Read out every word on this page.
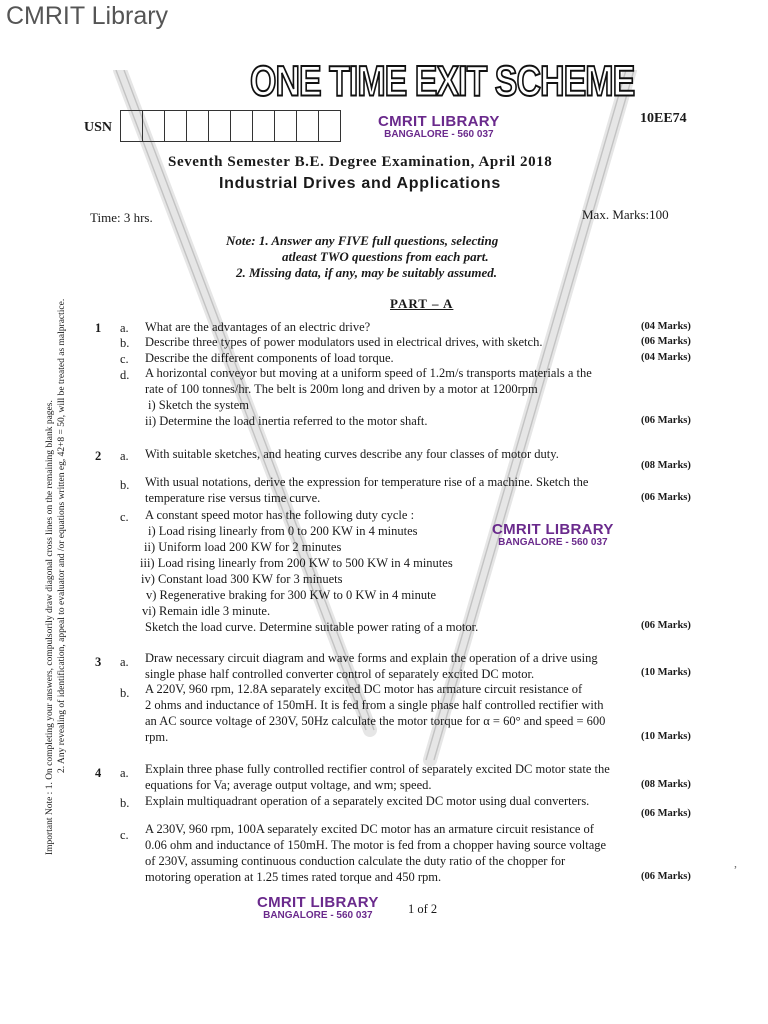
CMRIT Library
ONE TIME EXIT SCHEME
USN	CMRIT LIBRARY
BANGALORE - 560 037
10EE74
Seventh Semester B.E. Degree Examination, April 2018
Industrial Drives and Applications
Time: 3 hrs.	Max. Marks:100
Note: 1. Answer any FIVE full questions, selecting
atleast TWO questions from each part.
2. Missing data, if any, may be suitably assumed.
PART – A
Important Note : 1. On completing your answers, compulsorily draw diagonal cross lines on the remaining blank pages. 2. Any revealing of identification, appeal to evaluator and /or equations written eg, 42+8 = 50, will be treated as malpractice. 1 a. What are the advantages of an electric drive?	(04 Marks)
b. Describe three types of power modulators used in electrical drives, with sketch.	(06 Marks)
c. Describe the different components of load torque.	(04 Marks)
d. A horizontal conveyor but moving at a uniform speed of 1.2m/s transports materials a the
rate of 100 tonnes/hr. The belt is 200m long and driven by a motor at 1200rpm
i) Sketch the system
ii) Determine the load inertia referred to the motor shaft.	(06 Marks)
2 a. With suitable sketches, and heating curves describe any four classes of motor duty.
(08 Marks)
b. With usual notations, derive the expression for temperature rise of a machine. Sketch the
temperature rise versus time curve.	(06 Marks)
c. A constant speed motor has the following duty cycle :
i) Load rising linearly from 0 to 200 KW in 4 minutes
ii) Uniform load 200 KW for 2 minutes
iii) Load rising linearly from 200 KW to 500 KW in 4 minutes
iv) Constant load 300 KW for 3 minuets
v) Regenerative braking for 300 KW to 0 KW in 4 minute
vi) Remain idle 3 minute.
Sketch the load curve. Determine suitable power rating of a motor.	(06 Marks)
CMRIT LIBRARY
BANGALORE - 560 037
3 a. Draw necessary circuit diagram and wave forms and explain the operation of a drive using
single phase half controlled converter control of separately excited DC motor.	(10 Marks)
b. A 220V, 960 rpm, 12.8A separately excited DC motor has armature circuit resistance of
2 ohms and inductance of 150mH. It is fed from a single phase half controlled rectifier with
an AC source voltage of 230V, 50Hz calculate the motor torque for α = 60° and speed = 600
rpm.	(10 Marks)
4 a. Explain three phase fully controlled rectifier control of separately excited DC motor state the
equations for Va; average output voltage, and wm; speed.	(08 Marks)
b. Explain multiquadrant operation of a separately excited DC motor using dual converters.
(06 Marks)
c. A 230V, 960 rpm, 100A separately excited DC motor has an armature circuit resistance of
0.06 ohm and inductance of 150mH. The motor is fed from a chopper having source voltage
of 230V, assuming continuous conduction calculate the duty ratio of the chopper for
motoring operation at 1.25 times rated torque and 450 rpm.	(06 Marks)
CMRIT LIBRARY
BANGALORE - 560 037	1 of 2
,
